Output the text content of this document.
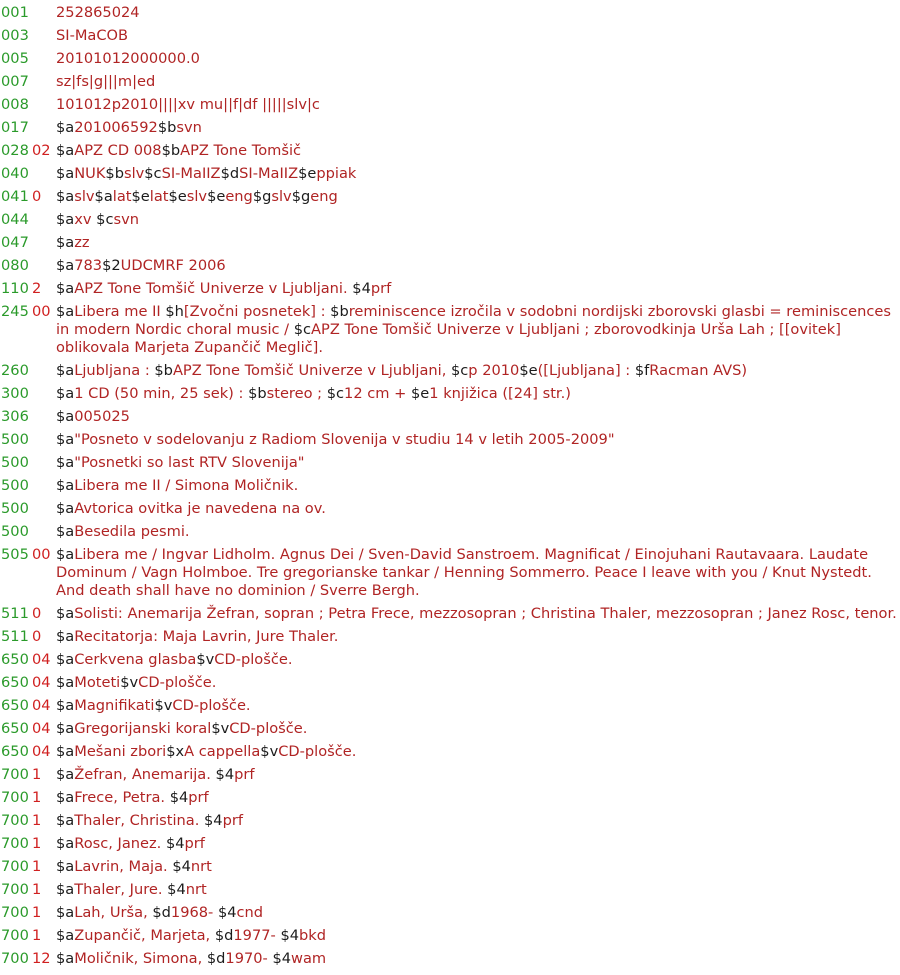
001 252865024
003 SI-MaCOB
005 20101012000000.0
007 sz|fs|g|||m|ed
008 101012p2010||||xv mu||f|df |||||slv|c
017 $a201006592$bsvn
028 02 $aAPZ CD 008$bAPZ Tone Tomšič
040 $aNUK$bslv$cSI-MaIIZ$dSI-MaIIZ$eppiak
041 0	$aslv$alat$elat$eslv$eeng$gslv$geng
044 $axv $csvn
047 $azz
080 $a783$2UDCMRF 2006
110 2	$aAPZ Tone Tomšič Univerze v Ljubljani. $4prf
245 00 $aLibera me II $h[Zvočni posnetek] : $breminiscence izročila v sodobni nordijski zborovski glasbi = reminiscences in modern Nordic choral music / $cAPZ Tone Tomšič Univerze v Ljubljani ; zborovodkinja Urša Lah ; [[ovitek] oblikovala Marjeta Zupančič Meglič].
260 $aLjubljana : $bAPZ Tone Tomšič Univerze v Ljubljani, $cp 2010$e([Ljubljana] : $fRacman AVS)
300 $a1 CD (50 min, 25 sek) : $bstereo ; $c12 cm + $e1 knjižica ([24] str.)
306 $a005025
500 $a"Posneto v sodelovanju z Radiom Slovenija v studiu 14 v letih 2005-2009"
500 $a"Posnetki so last RTV Slovenija"
500 $aLibera me II / Simona Moličnik.
500 $aAvtorica ovitka je navedena na ov.
500 $aBesedila pesmi.
505 00 $aLibera me / Ingvar Lidholm. Agnus Dei / Sven-David Sanstroem. Magnificat / Einojuhani Rautavaara. Laudate Dominum / Vagn Holmboe. Tre gregorianske tankar / Henning Sommerro. Peace I leave with you / Knut Nystedt. And death shall have no dominion / Sverre Bergh.
511 0	$aSolisti: Anemarija Žefran, sopran ; Petra Frece, mezzosopran ; Christina Thaler, mezzosopran ; Janez Rosc, tenor.
511 0	$aRecitatorja: Maja Lavrin, Jure Thaler.
650 04 $aCerkvena glasba$vCD-plošče.
650 04 $aMoteti$vCD-plošče.
650 04 $aMagnifikati$vCD-plošče.
650 04 $aGregorijanski koral$vCD-plošče.
650 04 $aMešani zbori$xA cappella$vCD-plošče.
700 1	$aŽefran, Anemarija. $4prf
700 1	$aFrece, Petra. $4prf
700 1	$aThaler, Christina. $4prf
700 1	$aRosc, Janez. $4prf
700 1	$aLavrin, Maja. $4nrt
700 1	$aThaler, Jure. $4nrt
700 1	$aLah, Urša, $d1968- $4cnd
700 1	$aZupančič, Marjeta, $d1977- $4bkd
700 12 $aMoličnik, Simona, $d1970- $4wam
